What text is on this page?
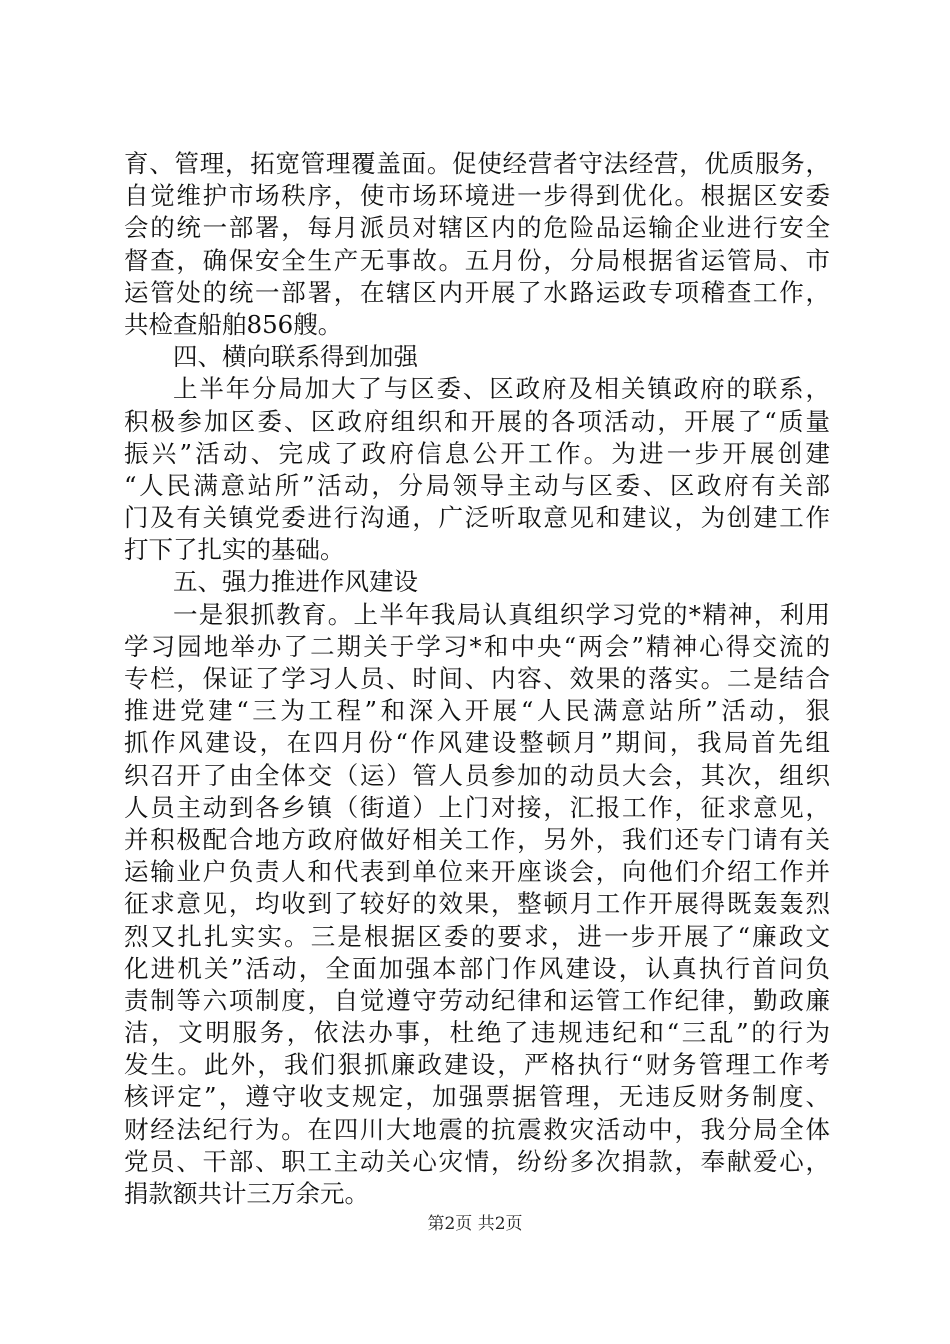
育、管理，拓宽管理覆盖面。促使经营者守法经营，优质服务，
自觉维护市场秩序，使市场环境进一步得到优化。根据区安委
会的统一部署，每月派员对辖区内的危险品运输企业进行安全
督查，确保安全生产无事故。五月份，分局根据省运管局、市
运管处的统一部署，在辖区内开展了水路运政专项稽查工作，
共检查船舶856艘。
四、横向联系得到加强
上半年分局加大了与区委、区政府及相关镇政府的联系，
积极参加区委、区政府组织和开展的各项活动，开展了“质量
振兴”活动、完成了政府信息公开工作。为进一步开展创建
“人民满意站所”活动，分局领导主动与区委、区政府有关部
门及有关镇党委进行沟通，广泛听取意见和建议，为创建工作
打下了扎实的基础。
五、强力推进作风建设
一是狠抓教育。上半年我局认真组织学习党的*精神，利用
学习园地举办了二期关于学习*和中央“两会”精神心得交流的
专栏，保证了学习人员、时间、内容、效果的落实。二是结合
推进党建“三为工程”和深入开展“人民满意站所”活动，狠
抓作风建设，在四月份“作风建设整顿月”期间，我局首先组
织召开了由全体交（运）管人员参加的动员大会，其次，组织
人员主动到各乡镇（街道）上门对接，汇报工作，征求意见，
并积极配合地方政府做好相关工作，另外，我们还专门请有关
运输业户负责人和代表到单位来开座谈会，向他们介绍工作并
征求意见，均收到了较好的效果，整顿月工作开展得既轰轰烈
烈又扎扎实实。三是根据区委的要求，进一步开展了“廉政文
化进机关”活动，全面加强本部门作风建设，认真执行首问负
责制等六项制度，自觉遵守劳动纪律和运管工作纪律，勤政廉
洁，文明服务，依法办事，杜绝了违规违纪和“三乱”的行为
发生。此外，我们狠抓廉政建设，严格执行“财务管理工作考
核评定”，遵守收支规定，加强票据管理，无违反财务制度、
财经法纪行为。在四川大地震的抗震救灾活动中，我分局全体
党员、干部、职工主动关心灾情，纷纷多次捐款，奉献爱心，
捐款额共计三万余元。
第2页 共2页
